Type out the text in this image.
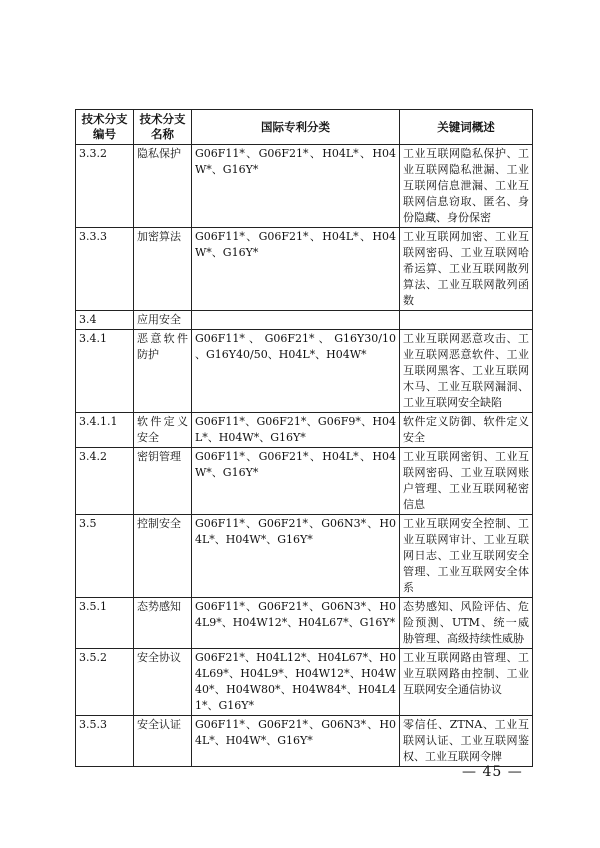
技术分支编号	技术分支名称	国际专利分类	关键词概述
3.3.2	隐私保护	G06F11*、G06F21*、H04L*、H04W*、G16Y*	工业互联网隐私保护、工业互联网隐私泄漏、工业互联网信息泄漏、工业互联网信息窃取、匿名、身份隐藏、身份保密

3.3.3	加密算法	G06F11*、G06F21*、H04L*、H04W*、G16Y*	工业互联网加密、工业互联网密码、工业互联网哈希运算、工业互联网散列算法、工业互联网散列函数

3.4	应用安全		

3.4.1	恶意软件防护	G06F11* 、 G06F21* 、 G16Y30/10 、G16Y40/50、H04L*、H04W*	工业互联网恶意攻击、工业互联网恶意软件、工业互联网黑客、工业互联网木马、工业互联网漏洞、工业互联网安全缺陷

3.4.1.1	软件定义安全	G06F11*、G06F21*、G06F9*、H04L*、H04W*、G16Y*	软件定义防御、软件定义安全

3.4.2	密钥管理	G06F11*、G06F21*、H04L*、H04W*、G16Y*	工业互联网密钥、工业互联网密码、工业互联网账户管理、工业互联网秘密信息

3.5	控制安全	G06F11*、G06F21*、G06N3*、H04L*、H04W*、G16Y*	工业互联网安全控制、工业互联网审计、工业互联网日志、工业互联网安全管理、工业互联网安全体系

3.5.1	态势感知	G06F11*、G06F21*、G06N3*、H04L9*、H04W12*、H04L67*、G16Y*	态势感知、风险评估、危险预测、UTM、统一威胁管理、高级持续性威胁

3.5.2	安全协议	G06F21*、H04L12*、H04L67*、H04L69*、H04L9*、H04W12*、H04W40*、H04W80*、H04W84*、H04L41*、G16Y*	工业互联网路由管理、工业互联网路由控制、工业互联网安全通信协议

3.5.3	安全认证	G06F11*、G06F21*、G06N3*、H04L*、H04W*、G16Y*	零信任、ZTNA、工业互联网认证、工业互联网鉴权、工业互联网令牌
— 45 —
